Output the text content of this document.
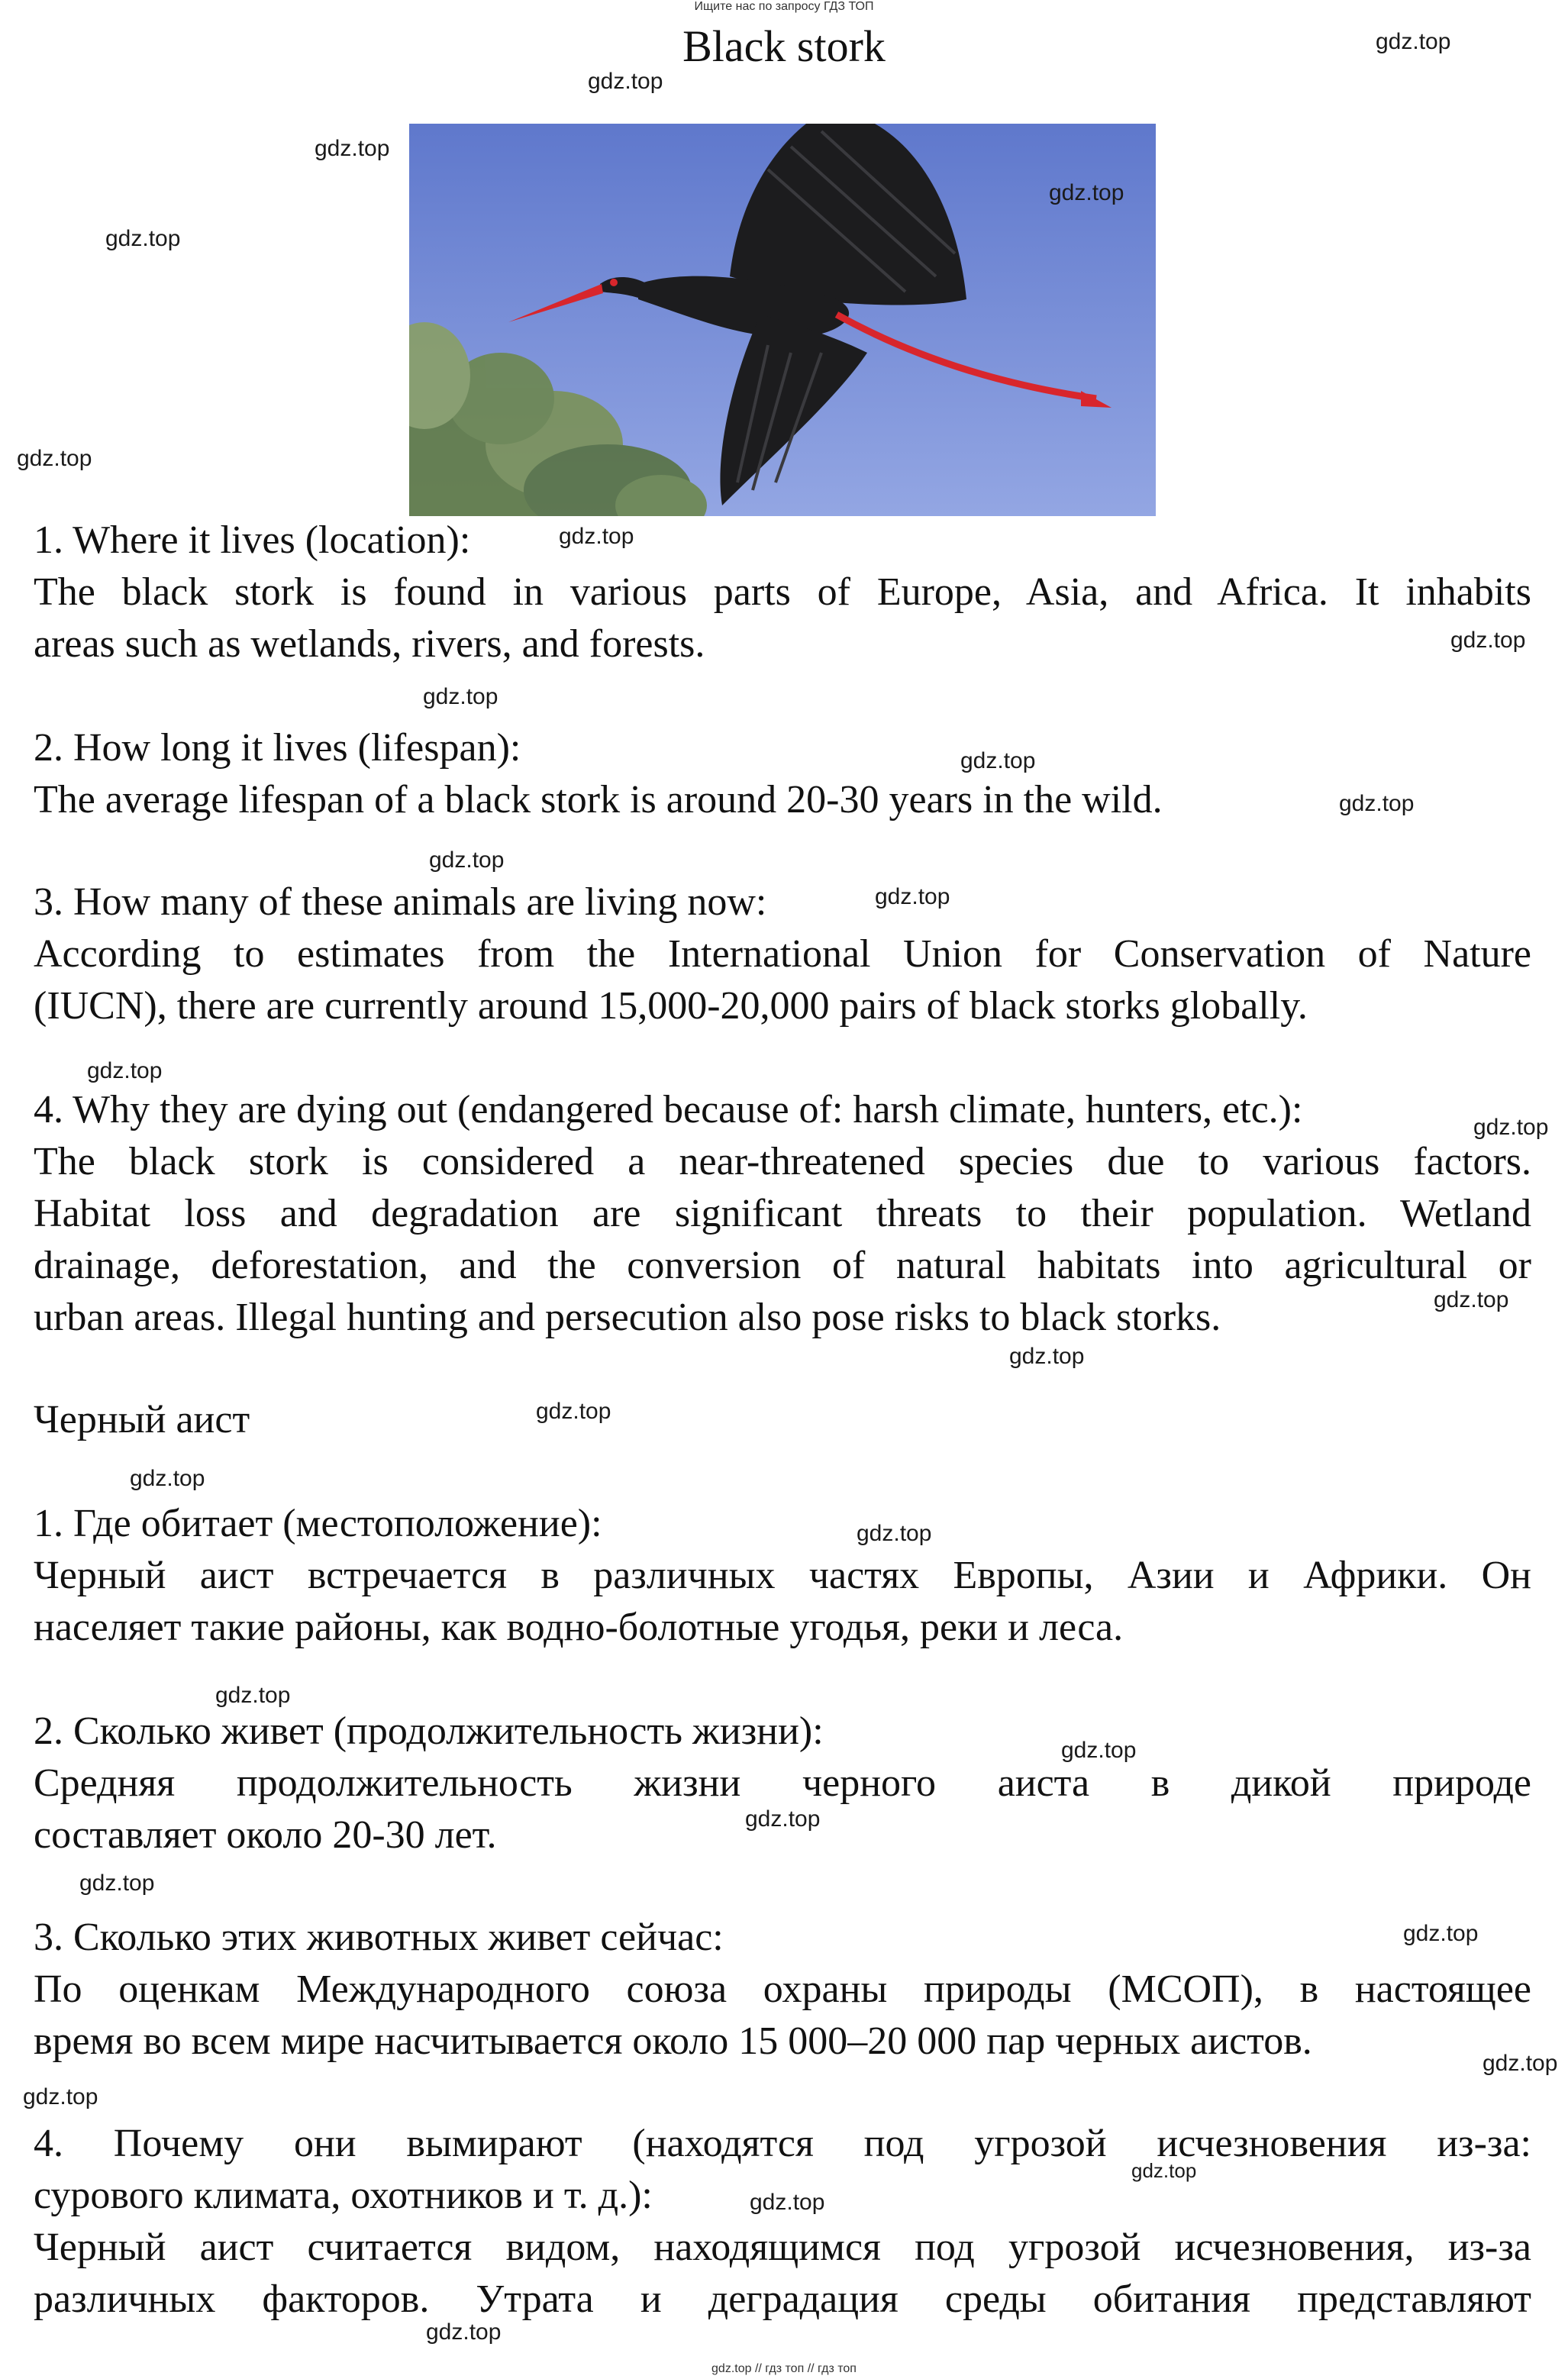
Ищите нас по запросу ГДЗ ТОП
Black stork
1. Where it lives (location):
The black stork is found in various parts of Europe, Asia, and Africa. It inhabits
areas such as wetlands, rivers, and forests.
2. How long it lives (lifespan):
The average lifespan of a black stork is around 20-30 years in the wild.
3. How many of these animals are living now:
According to estimates from the International Union for Conservation of Nature
(IUCN), there are currently around 15,000-20,000 pairs of black storks globally.
4. Why they are dying out (endangered because of: harsh climate, hunters, etc.):
The black stork is considered a near-threatened species due to various factors.
Habitat loss and degradation are significant threats to their population. Wetland
drainage, deforestation, and the conversion of natural habitats into agricultural or
urban areas. Illegal hunting and persecution also pose risks to black storks.
Черный аист
1. Где обитает (местоположение):
Черный аист встречается в различных частях Европы, Азии и Африки. Он
населяет такие районы, как водно-болотные угодья, реки и леса.
2. Сколько живет (продолжительность жизни):
Средняя продолжительность жизни черного аиста в дикой природе
составляет около 20-30 лет.
3. Сколько этих животных живет сейчас:
По оценкам Международного союза охраны природы (МСОП), в настоящее
время во всем мире насчитывается около 15 000–20 000 пар черных аистов.
4. Почему они вымирают (находятся под угрозой исчезновения из-за:
сурового климата, охотников и т. д.):
Черный аист считается видом, находящимся под угрозой исчезновения, из-за
различных факторов. Утрата и деградация среды обитания представляют
gdz.top
gdz.top
gdz.top
gdz.top
gdz.top
gdz.top
gdz.top
gdz.top
gdz.top
gdz.top
gdz.top
gdz.top
gdz.top
gdz.top
gdz.top
gdz.top
gdz.top
gdz.top
gdz.top
gdz.top
gdz.top
gdz.top
gdz.top
gdz.top
gdz.top
gdz.top
gdz.top
gdz.top
gdz.top
gdz.top
gdz.top // гдз топ // гдз топ
